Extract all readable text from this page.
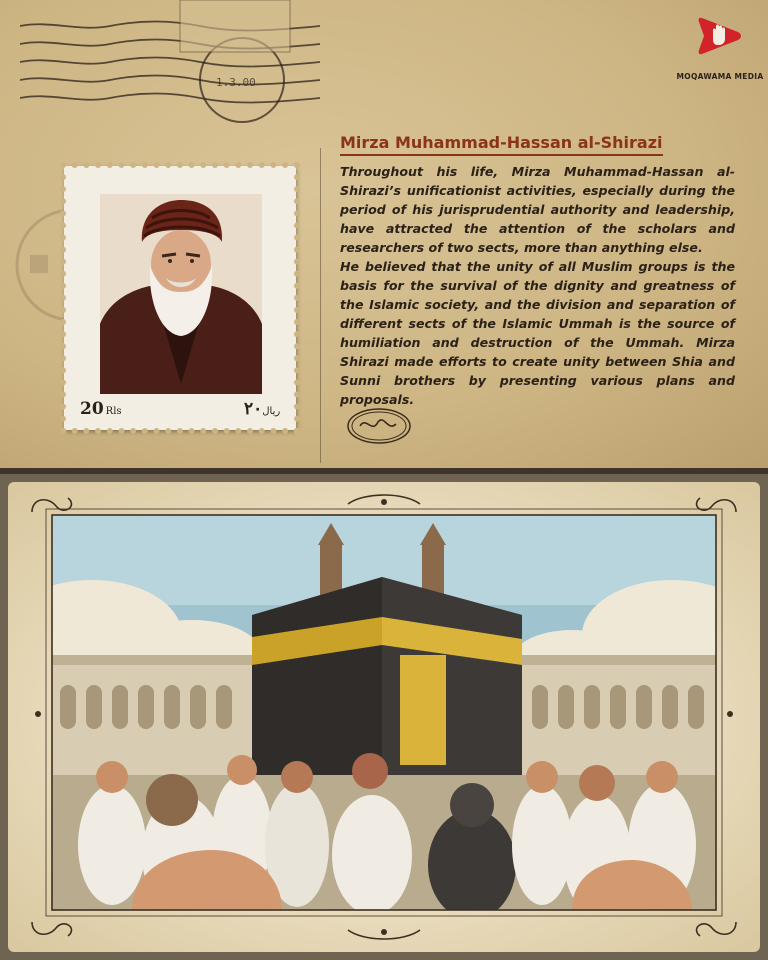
1.3.00	MOQAWAMA MEDIA
20 Rls	ریال٢٠
Mirza Muhammad-Hassan al-Shirazi

Throughout his life, Mirza Muhammad-Hassan al-Shirazi’s unificationist activities, especially during the period of his jurisprudential authority and leadership, have attracted the attention of the scholars and researchers of two sects, more than anything else.

He believed that the unity of all Muslim groups is the basis for the survival of the dignity and greatness of the Islamic society, and the division and separation of different sects of the Islamic Ummah is the source of humiliation and destruction of the Ummah. Mirza Shirazi made efforts to create unity between Shia and Sunni brothers by presenting various plans and proposals.
